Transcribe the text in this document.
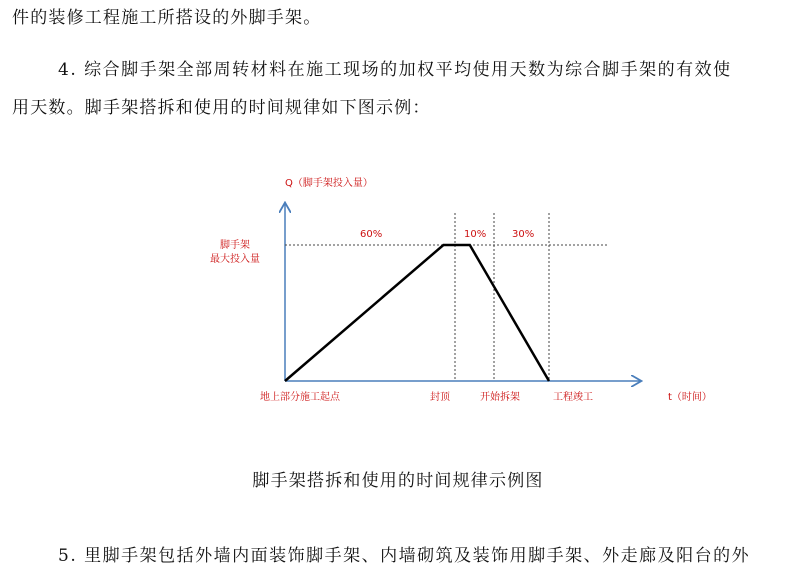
件的装修工程施工所搭设的外脚手架。

4. 综合脚手架全部周转材料在施工现场的加权平均使用天数为综合脚手架的有效使

用天数。脚手架搭拆和使用的时间规律如下图示例：

Q（脚手架投入量）
t（时间）
脚手架
最大投入量
60%	10%	30%
地上部分施工起点	封顶	开始拆架	工程竣工
脚手架搭拆和使用的时间规律示例图

5. 里脚手架包括外墙内面装饰脚手架、内墙砌筑及装饰用脚手架、外走廊及阳台的外
